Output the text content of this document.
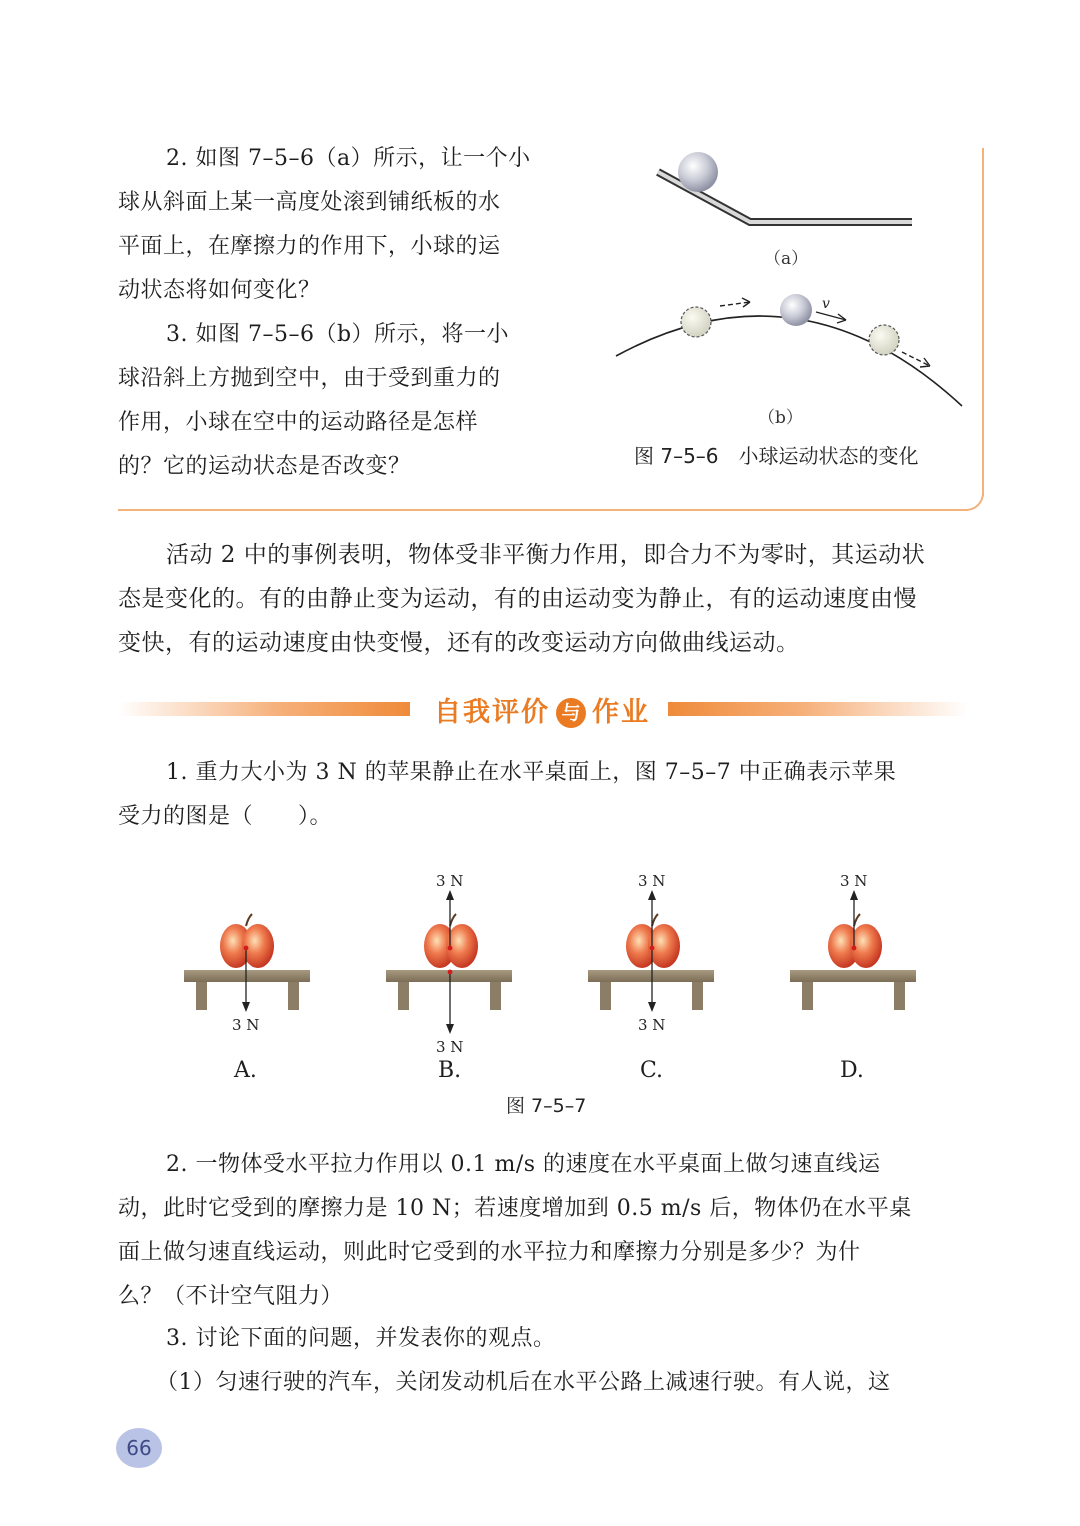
2. 如图 7–5–6（a）所示，让一个小
球从斜面上某一高度处滚到铺纸板的水
平面上，在摩擦力的作用下，小球的运
动状态将如何变化？
3. 如图 7–5–6（b）所示，将一小
球沿斜上方抛到空中，由于受到重力的
作用，小球在空中的运动路径是怎样
的？它的运动状态是否改变？
（a）
v
（b）
图 7–5–6　小球运动状态的变化
活动 2 中的事例表明，物体受非平衡力作用，即合力不为零时，其运动状
态是变化的。有的由静止变为运动，有的由运动变为静止，有的运动速度由慢
变快，有的运动速度由快变慢，还有的改变运动方向做曲线运动。
自我评价 与 作业
1. 重力大小为 3 N 的苹果静止在水平桌面上，图 7–5–7 中正确表示苹果
受力的图是（　　）。
3 N
3 N
3 N
3 N
3 N
3 N
A.	B.	C.	D.
图 7–5–7
2. 一物体受水平拉力作用以 0.1 m/s 的速度在水平桌面上做匀速直线运
动，此时它受到的摩擦力是 10 N；若速度增加到 0.5 m/s 后，物体仍在水平桌
面上做匀速直线运动，则此时它受到的水平拉力和摩擦力分别是多少？为什
么？（不计空气阻力）
3. 讨论下面的问题，并发表你的观点。
（1）匀速行驶的汽车，关闭发动机后在水平公路上减速行驶。有人说，这
66
